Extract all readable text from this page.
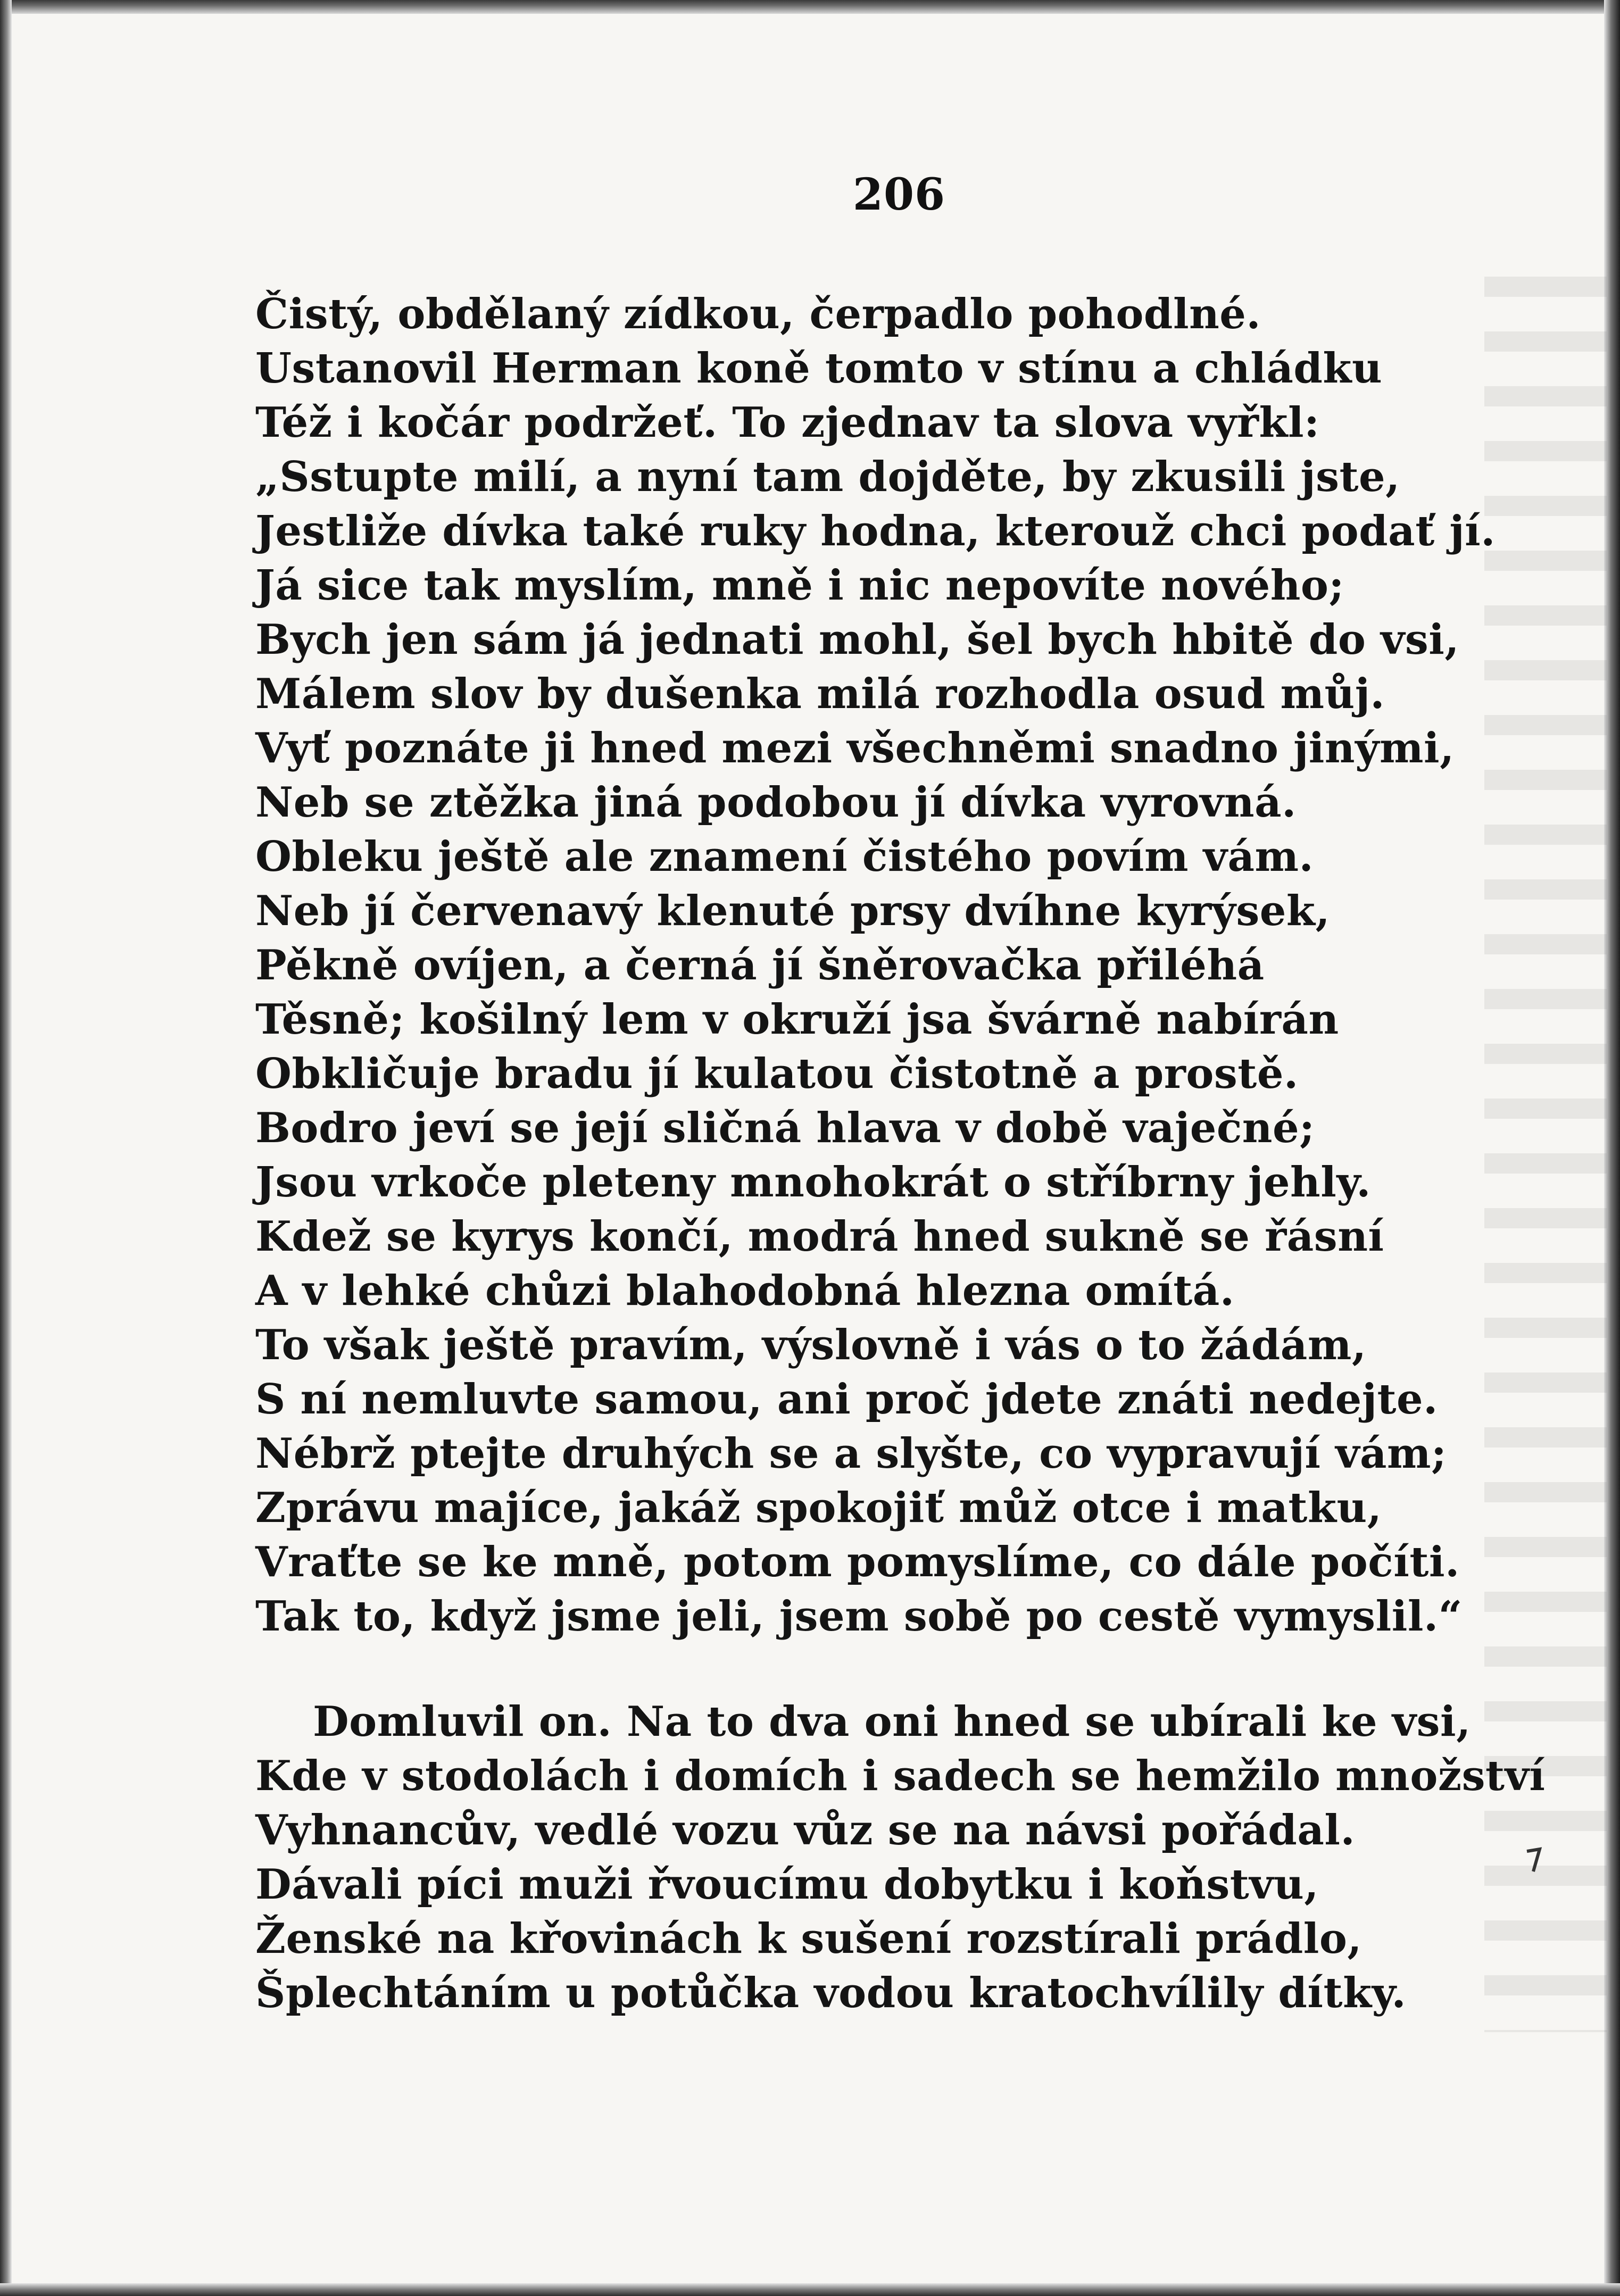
206
Čistý, obdělaný zídkou, čerpadlo pohodlné.
Ustanovil Herman koně tomto v stínu a chládku
Též i kočár podržeť. To zjednav ta slova vyřkl:
„Sstupte milí, a nyní tam dojděte, by zkusili jste,
Jestliže dívka také ruky hodna, kterouž chci podať jí.
Já sice tak myslím, mně i nic nepovíte nového;
Bych jen sám já jednati mohl, šel bych hbitě do vsi,
Málem slov by dušenka milá rozhodla osud můj.
Vyť poznáte ji hned mezi všechněmi snadno jinými,
Neb se ztěžka jiná podobou jí dívka vyrovná.
Obleku ještě ale znamení čistého povím vám.
Neb jí červenavý klenuté prsy dvíhne kyrýsek,
Pěkně ovíjen, a černá jí šněrovačka přiléhá
Těsně; košilný lem v okruží jsa švárně nabírán
Obkličuje bradu jí kulatou čistotně a prostě.
Bodro jeví se její sličná hlava v době vaječné;
Jsou vrkoče pleteny mnohokrát o stříbrny jehly.
Kdež se kyrys končí, modrá hned sukně se řásní
A v lehké chůzi blahodobná hlezna omítá.
To však ještě pravím, výslovně i vás o to žádám,
S ní nemluvte samou, ani proč jdete znáti nedejte.
Nébrž ptejte druhých se a slyšte, co vypravují vám;
Zprávu majíce, jakáž spokojiť můž otce i matku,
Vraťte se ke mně, potom pomyslíme, co dále počíti.
Tak to, když jsme jeli, jsem sobě po cestě vymyslil.“
Domluvil on. Na to dva oni hned se ubírali ke vsi,
Kde v stodolách i domích i sadech se hemžilo množství
Vyhnancův, vedlé vozu vůz se na návsi pořádal.
Dávali píci muži řvoucímu dobytku i koňstvu,
Ženské na křovinách k sušení rozstírali prádlo,
Šplechtáním u potůčka vodou kratochvílily dítky.
